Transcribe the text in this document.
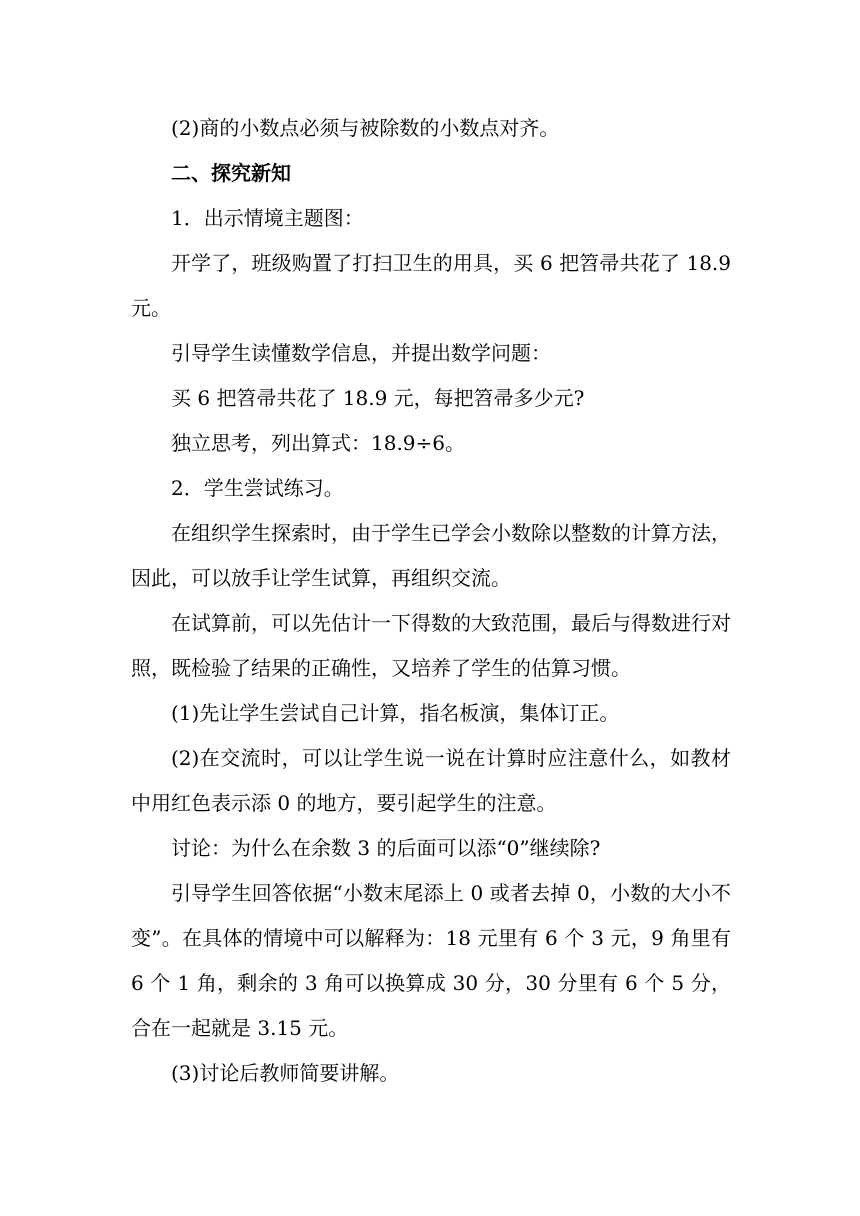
(2)商的小数点必须与被除数的小数点对齐。

二、探究新知

1．出示情境主题图：

开学了，班级购置了打扫卫生的用具，买 6 把笤帚共花了 18.9 元。

引导学生读懂数学信息，并提出数学问题：

买 6 把笤帚共花了 18.9 元，每把笤帚多少元?

独立思考，列出算式：18.9÷6。

2．学生尝试练习。

在组织学生探索时，由于学生已学会小数除以整数的计算方法，因此，可以放手让学生试算，再组织交流。

在试算前，可以先估计一下得数的大致范围，最后与得数进行对照，既检验了结果的正确性，又培养了学生的估算习惯。

(1)先让学生尝试自己计算，指名板演，集体订正。

(2)在交流时，可以让学生说一说在计算时应注意什么，如教材中用红色表示添 0 的地方，要引起学生的注意。

讨论：为什么在余数 3 的后面可以添“0”继续除?

引导学生回答依据“小数末尾添上 0 或者去掉 0，小数的大小不变”。在具体的情境中可以解释为：18 元里有 6 个 3 元，9 角里有 6 个 1 角，剩余的 3 角可以换算成 30 分，30 分里有 6 个 5 分，合在一起就是 3.15 元。

(3)讨论后教师简要讲解。
